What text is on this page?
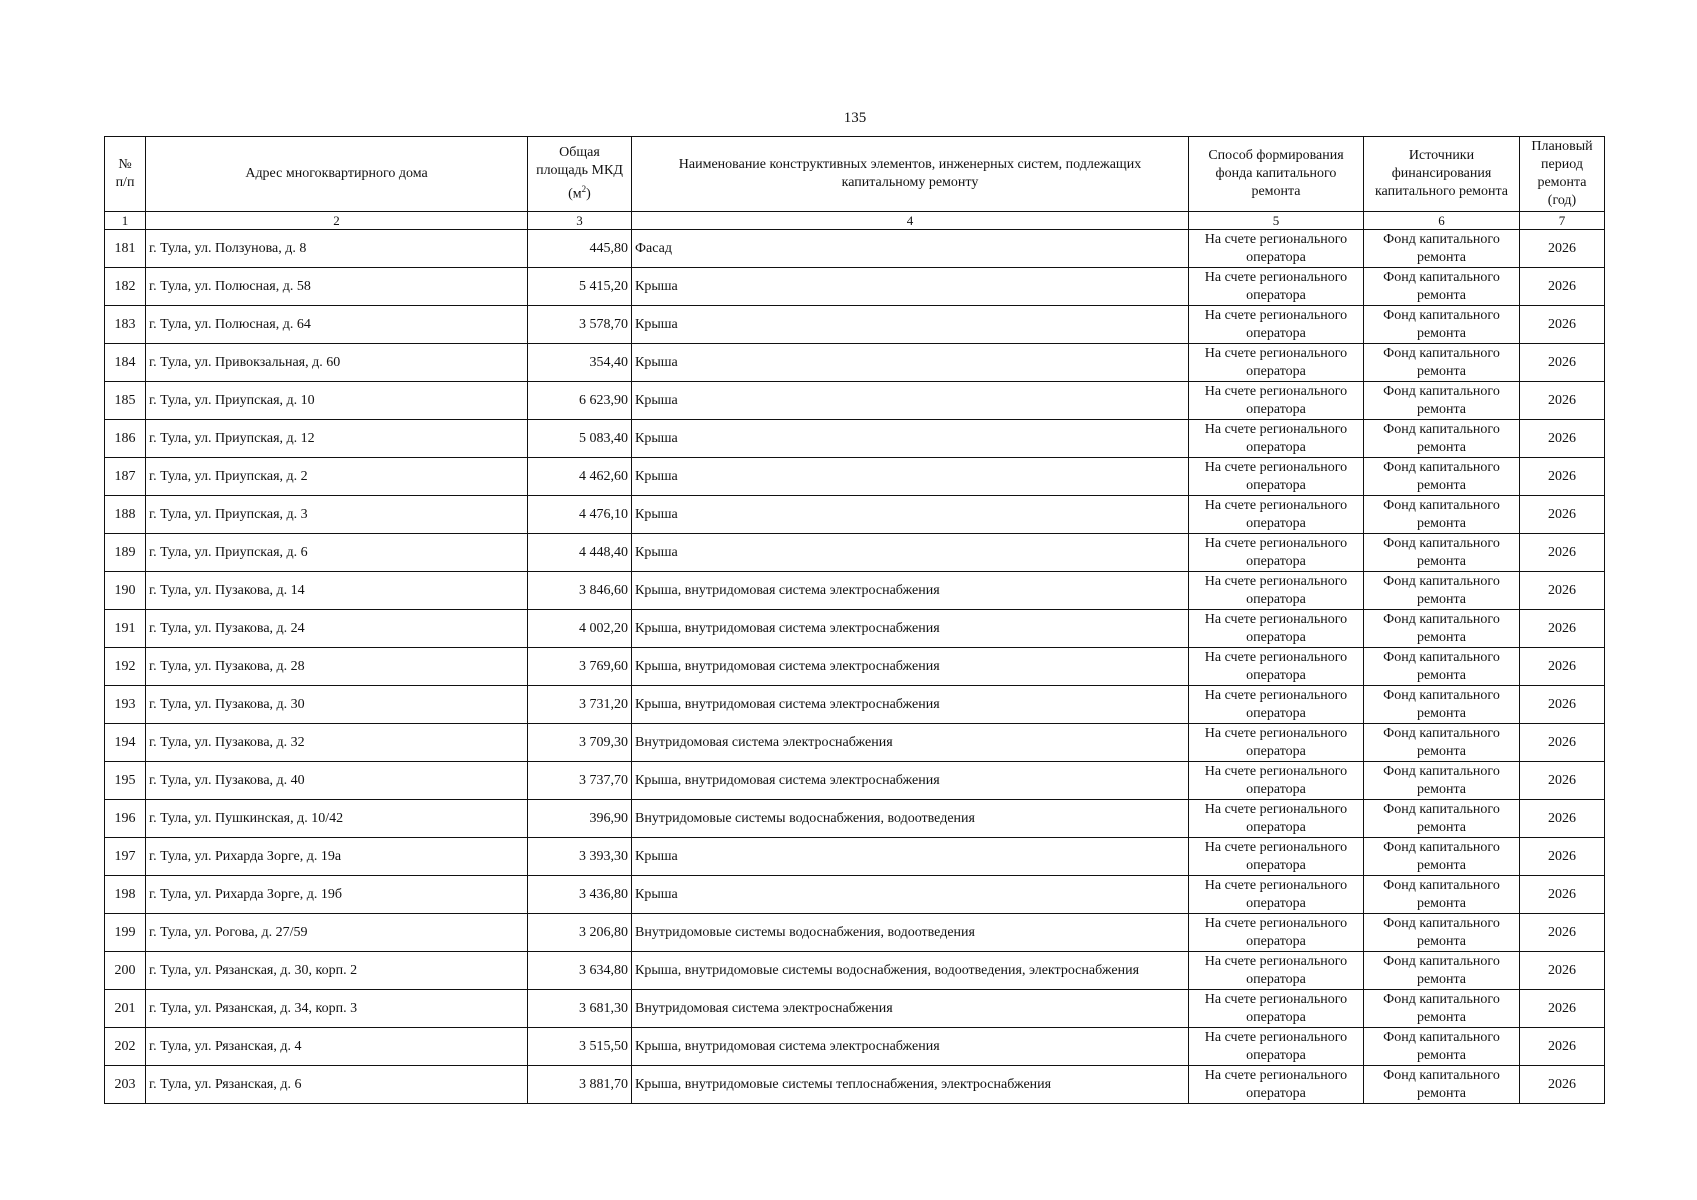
135
№
п/п	Адрес многоквартирного дома	Общая
площадь МКД
$(м^2)$	Наименование конструктивных элементов, инженерных систем, подлежащих
капитальному ремонту	Способ формирования
фонда капитального
ремонта	Источники
финансирования
капитального ремонта	Плановый
период
ремонта
(год)
1	2	3	4	5	6	7
181	г. Тула, ул. Ползунова, д. 8	445,80	Фасад	На счете регионального
оператора	Фонд капитального
ремонта	2026
182	г. Тула, ул. Полюсная, д. 58	5 415,20	Крыша	На счете регионального
оператора	Фонд капитального
ремонта	2026
183	г. Тула, ул. Полюсная, д. 64	3 578,70	Крыша	На счете регионального
оператора	Фонд капитального
ремонта	2026
184	г. Тула, ул. Привокзальная, д. 60	354,40	Крыша	На счете регионального
оператора	Фонд капитального
ремонта	2026
185	г. Тула, ул. Приупская, д. 10	6 623,90	Крыша	На счете регионального
оператора	Фонд капитального
ремонта	2026
186	г. Тула, ул. Приупская, д. 12	5 083,40	Крыша	На счете регионального
оператора	Фонд капитального
ремонта	2026
187	г. Тула, ул. Приупская, д. 2	4 462,60	Крыша	На счете регионального
оператора	Фонд капитального
ремонта	2026
188	г. Тула, ул. Приупская, д. 3	4 476,10	Крыша	На счете регионального
оператора	Фонд капитального
ремонта	2026
189	г. Тула, ул. Приупская, д. 6	4 448,40	Крыша	На счете регионального
оператора	Фонд капитального
ремонта	2026
190	г. Тула, ул. Пузакова, д. 14	3 846,60	Крыша, внутридомовая система электроснабжения	На счете регионального
оператора	Фонд капитального
ремонта	2026
191	г. Тула, ул. Пузакова, д. 24	4 002,20	Крыша, внутридомовая система электроснабжения	На счете регионального
оператора	Фонд капитального
ремонта	2026
192	г. Тула, ул. Пузакова, д. 28	3 769,60	Крыша, внутридомовая система электроснабжения	На счете регионального
оператора	Фонд капитального
ремонта	2026
193	г. Тула, ул. Пузакова, д. 30	3 731,20	Крыша, внутридомовая система электроснабжения	На счете регионального
оператора	Фонд капитального
ремонта	2026
194	г. Тула, ул. Пузакова, д. 32	3 709,30	Внутридомовая система электроснабжения	На счете регионального
оператора	Фонд капитального
ремонта	2026
195	г. Тула, ул. Пузакова, д. 40	3 737,70	Крыша, внутридомовая система электроснабжения	На счете регионального
оператора	Фонд капитального
ремонта	2026
196	г. Тула, ул. Пушкинская, д. 10/42	396,90	Внутридомовые системы водоснабжения, водоотведения	На счете регионального
оператора	Фонд капитального
ремонта	2026
197	г. Тула, ул. Рихарда Зорге, д. 19а	3 393,30	Крыша	На счете регионального
оператора	Фонд капитального
ремонта	2026
198	г. Тула, ул. Рихарда Зорге, д. 19б	3 436,80	Крыша	На счете регионального
оператора	Фонд капитального
ремонта	2026
199	г. Тула, ул. Рогова, д. 27/59	3 206,80	Внутридомовые системы водоснабжения, водоотведения	На счете регионального
оператора	Фонд капитального
ремонта	2026
200	г. Тула, ул. Рязанская, д. 30, корп. 2	3 634,80	Крыша, внутридомовые системы водоснабжения, водоотведения, электроснабжения	На счете регионального
оператора	Фонд капитального
ремонта	2026
201	г. Тула, ул. Рязанская, д. 34, корп. 3	3 681,30	Внутридомовая система электроснабжения	На счете регионального
оператора	Фонд капитального
ремонта	2026
202	г. Тула, ул. Рязанская, д. 4	3 515,50	Крыша, внутридомовая система электроснабжения	На счете регионального
оператора	Фонд капитального
ремонта	2026
203	г. Тула, ул. Рязанская, д. 6	3 881,70	Крыша, внутридомовые системы теплоснабжения, электроснабжения	На счете регионального
оператора	Фонд капитального
ремонта	2026
